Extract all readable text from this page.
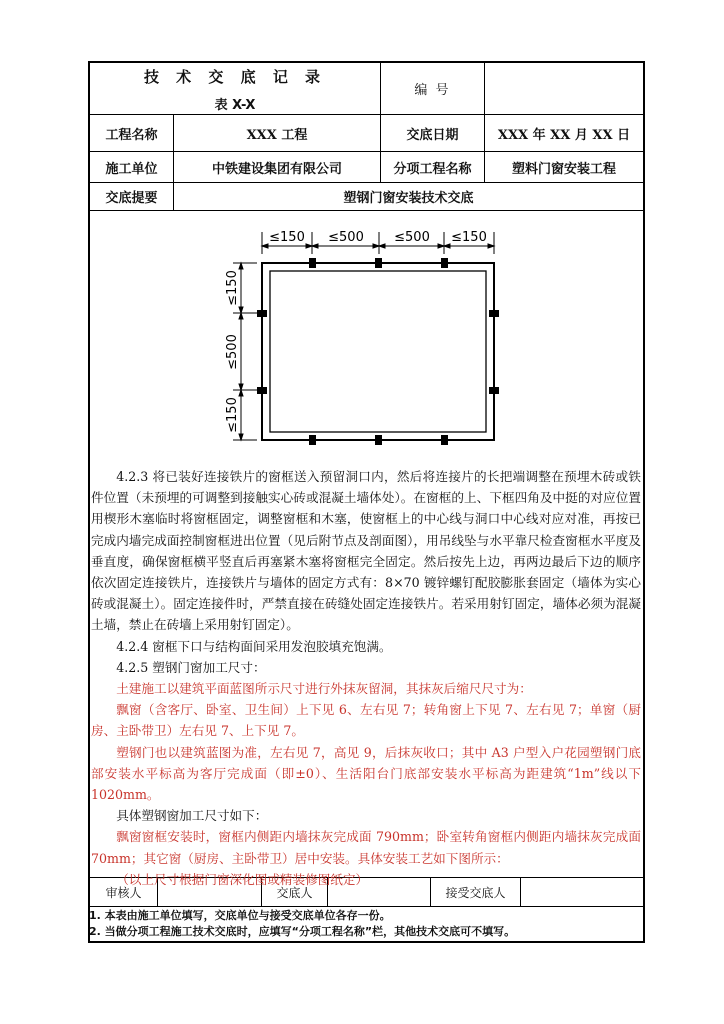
技 术 交 底 记 录
表 X-X
编 号
工程名称	XXX 工程	交底日期	XXX 年 XX 月 XX 日
施工单位	中铁建设集团有限公司	分项工程名称	塑料门窗安装工程
交底提要	塑钢门窗安装技术交底
≤150 ≤500 ≤500 ≤150
≤150
≤500
≤150

4.2.3 将已装好连接铁片的窗框送入预留洞口内，然后将连接片的长把端调整在预埋木砖或铁件位置（未预埋的可调整到接触实心砖或混凝土墙体处）。在窗框的上、下框四角及中挺的对应位置用楔形木塞临时将窗框固定，调整窗框和木塞，使窗框上的中心线与洞口中心线对应对准，再按已完成内墙完成面控制窗框进出位置（见后附节点及剖面图），用吊线坠与水平靠尺检查窗框水平度及垂直度，确保窗框横平竖直后再塞紧木塞将窗框完全固定。然后按先上边，再两边最后下边的顺序依次固定连接铁片，连接铁片与墙体的固定方式有：8×70 镀锌螺钉配胶膨胀套固定（墙体为实心砖或混凝土）。固定连接件时，严禁直接在砖缝处固定连接铁片。若采用射钉固定，墙体必须为混凝土墙，禁止在砖墙上采用射钉固定）。

4.2.4 窗框下口与结构面间采用发泡胶填充饱满。

4.2.5 塑钢门窗加工尺寸：

土建施工以建筑平面蓝图所示尺寸进行外抹灰留洞，其抹灰后缩尺尺寸为：

飘窗（含客厅、卧室、卫生间）上下见 6、左右见 7；转角窗上下见 7、左右见 7；单窗（厨房、主卧带卫）左右见 7、上下见 7。

塑钢门也以建筑蓝图为准，左右见 7，高见 9，后抹灰收口；其中 A3 户型入户花园塑钢门底部安装水平标高为客厅完成面（即±0）、生活阳台门底部安装水平标高为距建筑“1m”线以下 1020mm。

具体塑钢窗加工尺寸如下：

飘窗窗框安装时，窗框内侧距内墙抹灰完成面 790mm；卧室转角窗框内侧距内墙抹灰完成面 70mm；其它窗（厨房、主卧带卫）居中安装。具体安装工艺如下图所示：

（以上尺寸根据门窗深化图或精装修图纸定）

审核人	交底人	接受交底人

1. 本表由施工单位填写，交底单位与接受交底单位各存一份。

2. 当做分项工程施工技术交底时，应填写“分项工程名称”栏，其他技术交底可不填写。
